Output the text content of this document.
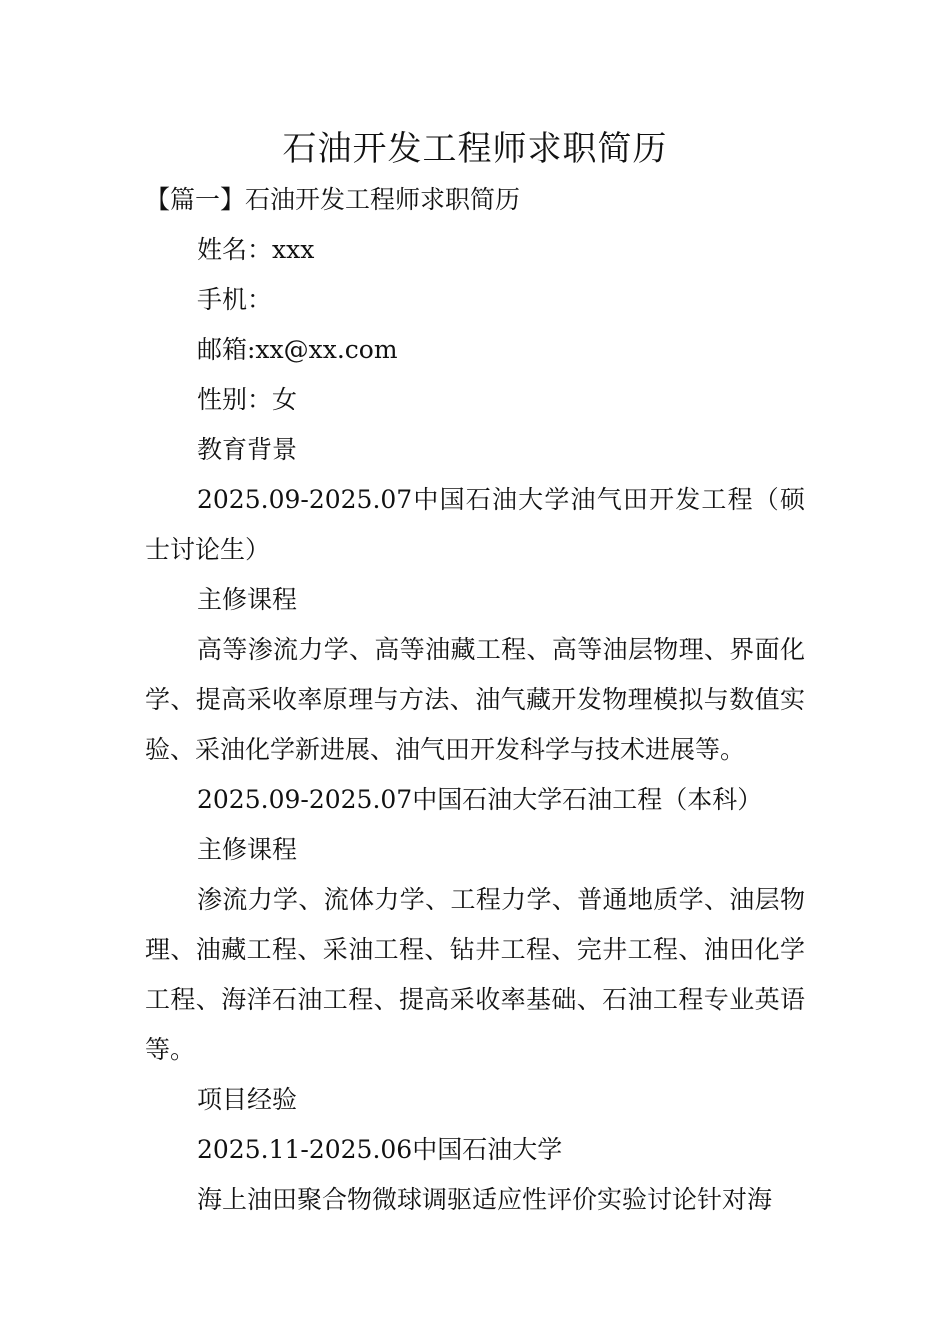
石油开发工程师求职简历

【篇一】石油开发工程师求职简历

姓名：xxx

手机：

邮箱:xx@xx.com

性别：女

教育背景

2025.09-2025.07中国石油大学油气田开发工程（硕士讨论生）

主修课程

高等渗流力学、高等油藏工程、高等油层物理、界面化学、提高采收率原理与方法、油气藏开发物理模拟与数值实验、采油化学新进展、油气田开发科学与技术进展等。

2025.09-2025.07中国石油大学石油工程（本科）

主修课程

渗流力学、流体力学、工程力学、普通地质学、油层物理、油藏工程、采油工程、钻井工程、完井工程、油田化学工程、海洋石油工程、提高采收率基础、石油工程专业英语等。

项目经验

2025.11-2025.06中国石油大学

海上油田聚合物微球调驱适应性评价实验讨论针对海
